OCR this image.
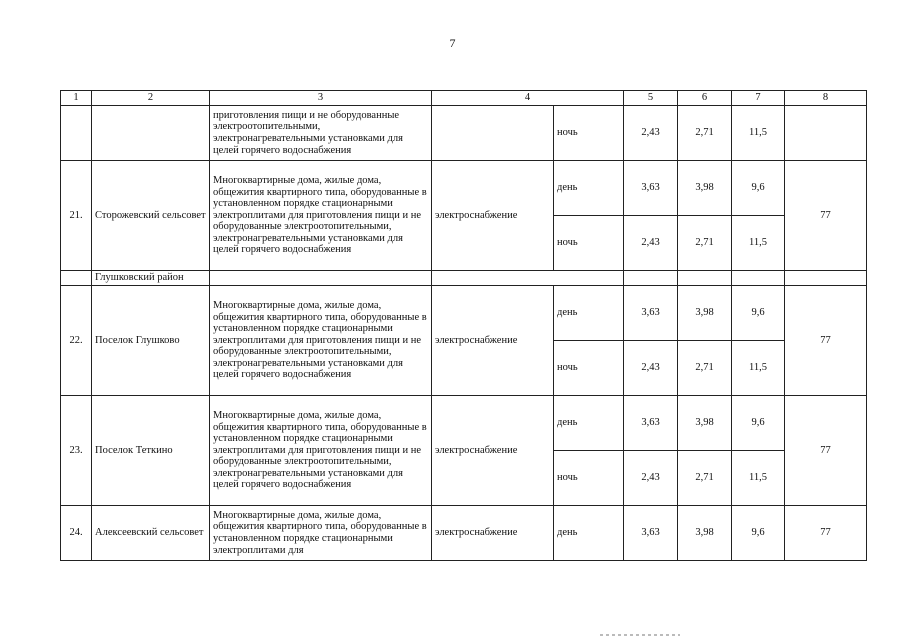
7
1	2	3	4		5	6	7	8
		приготовления пищи и не оборудованные электроотопительными, электронагревательными установками для целей горячего водоснабжения		ночь	2,43	2,71	11,5	
21.	Сторожевский сельсовет	Многоквартирные дома, жилые дома, общежития квартирного типа, оборудованные в установленном порядке стационарными электроплитами для приготовления пищи и не оборудованные электроотопительными, электронагревательными установками для целей горячего водоснабжения	электроснабжение	день	3,63	3,98	9,6	77
				ночь	2,43	2,71	11,5	
	Глушковский район							
22.	Поселок Глушково	Многоквартирные дома, жилые дома, общежития квартирного типа, оборудованные в установленном порядке стационарными электроплитами для приготовления пищи и не оборудованные электроотопительными, электронагревательными установками для целей горячего водоснабжения	электроснабжение	день	3,63	3,98	9,6	77
				ночь	2,43	2,71	11,5	
23.	Поселок Теткино	Многоквартирные дома, жилые дома, общежития квартирного типа, оборудованные в установленном порядке стационарными электроплитами для приготовления пищи и не оборудованные электроотопительными, электронагревательными установками для целей горячего водоснабжения	электроснабжение	день	3,63	3,98	9,6	77
				ночь	2,43	2,71	11,5	
24.	Алексеевский сельсовет	Многоквартирные дома, жилые дома, общежития квартирного типа, оборудованные в установленном порядке стационарными электроплитами для	электроснабжение	день	3,63	3,98	9,6	77
